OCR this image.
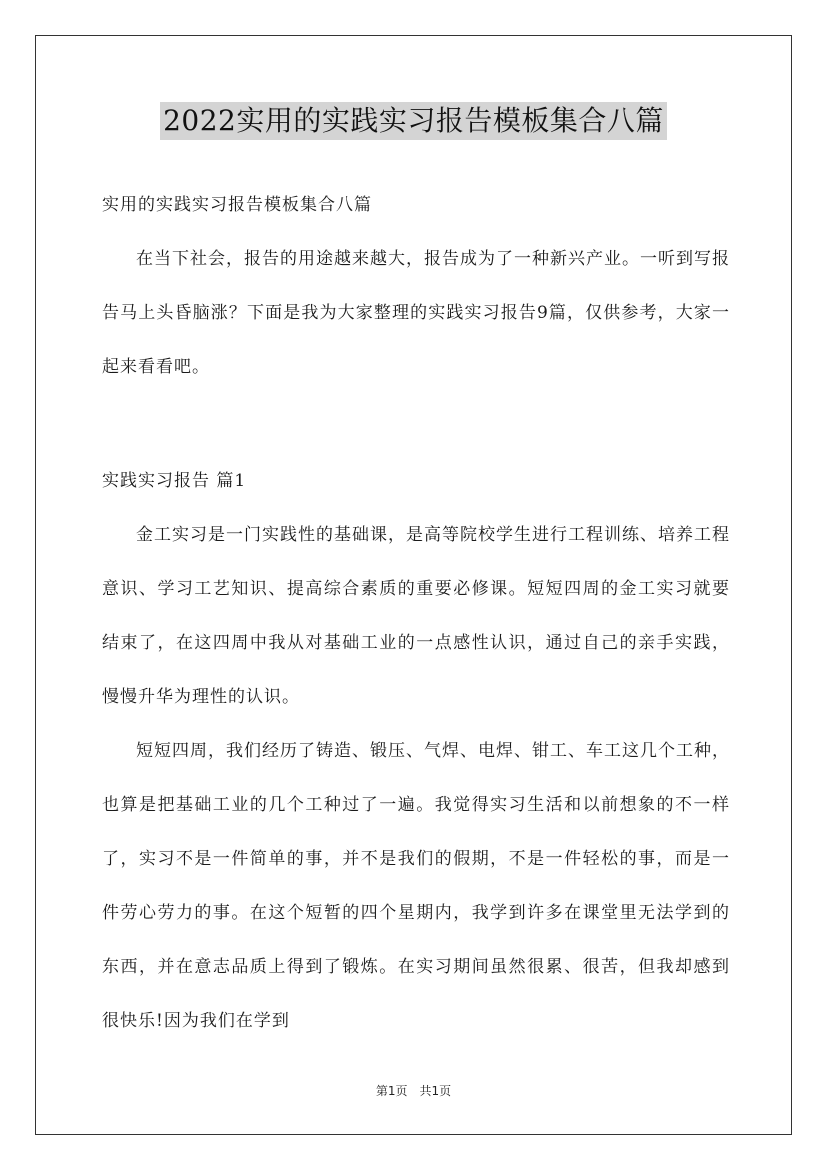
2022实用的实践实习报告模板集合八篇

实用的实践实习报告模板集合八篇

在当下社会，报告的用途越来越大，报告成为了一种新兴产业。一听到写报告马上头昏脑涨？下面是我为大家整理的实践实习报告9篇，仅供参考，大家一起来看看吧。

实践实习报告 篇1

金工实习是一门实践性的基础课，是高等院校学生进行工程训练、培养工程意识、学习工艺知识、提高综合素质的重要必修课。短短四周的金工实习就要结束了，在这四周中我从对基础工业的一点感性认识，通过自己的亲手实践，慢慢升华为理性的认识。

短短四周，我们经历了铸造、锻压、气焊、电焊、钳工、车工这几个工种，也算是把基础工业的几个工种过了一遍。我觉得实习生活和以前想象的不一样了，实习不是一件简单的事，并不是我们的假期，不是一件轻松的事，而是一件劳心劳力的事。在这个短暂的四个星期内，我学到许多在课堂里无法学到的东西，并在意志品质上得到了锻炼。在实习期间虽然很累、很苦，但我却感到很快乐!因为我们在学到

第1页　共1页
